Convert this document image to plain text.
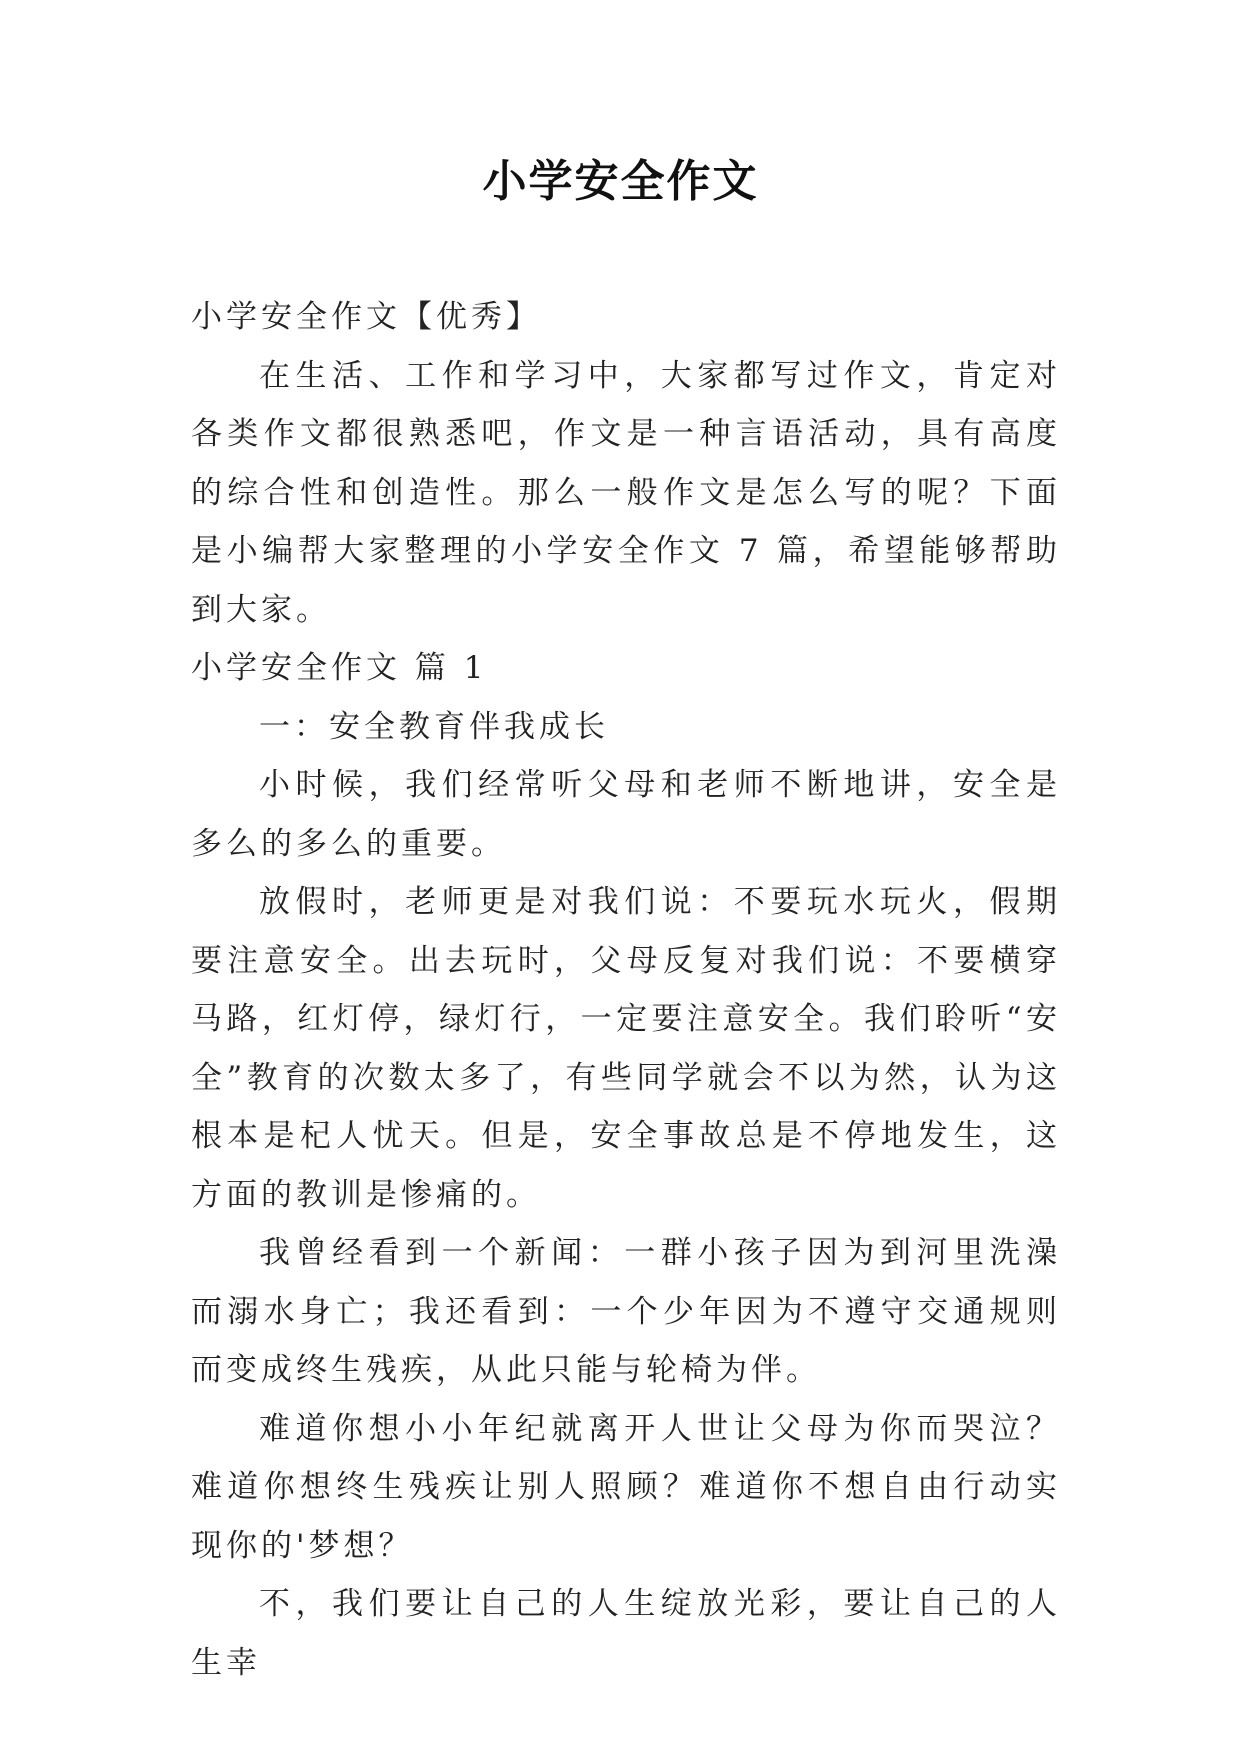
小学安全作文

小学安全作文【优秀】

在生活、工作和学习中，大家都写过作文，肯定对各类作文都很熟悉吧，作文是一种言语活动，具有高度的综合性和创造性。那么一般作文是怎么写的呢？下面是小编帮大家整理的小学安全作文 7 篇，希望能够帮助到大家。

小学安全作文 篇 1

一：安全教育伴我成长

小时候，我们经常听父母和老师不断地讲，安全是多么的多么的重要。

放假时，老师更是对我们说：不要玩水玩火，假期要注意安全。出去玩时，父母反复对我们说：不要横穿马路，红灯停，绿灯行，一定要注意安全。我们聆听“安全”教育的次数太多了，有些同学就会不以为然，认为这根本是杞人忧天。但是，安全事故总是不停地发生，这方面的教训是惨痛的。

我曾经看到一个新闻：一群小孩子因为到河里洗澡而溺水身亡；我还看到：一个少年因为不遵守交通规则而变成终生残疾，从此只能与轮椅为伴。

难道你想小小年纪就离开人世让父母为你而哭泣？难道你想终生残疾让别人照顾？难道你不想自由行动实现你的'梦想？

不，我们要让自己的人生绽放光彩，要让自己的人生幸
